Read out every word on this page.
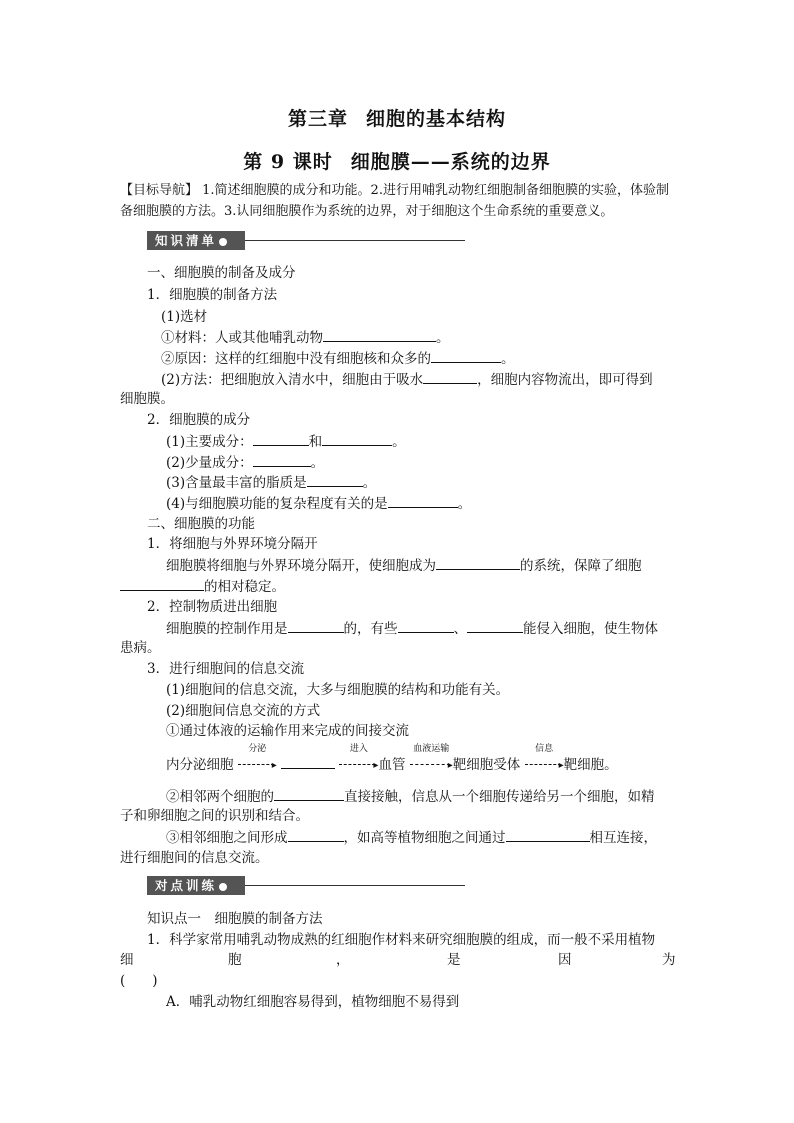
第三章 细胞的基本结构
第 9 课时 细胞膜——系统的边界
【目标导航】 1.简述细胞膜的成分和功能。2.进行用哺乳动物红细胞制备细胞膜的实验，体验制备细胞膜的方法。3.认同细胞膜作为系统的边界，对于细胞这个生命系统的重要意义。
知识清单
一、细胞膜的制备及成分
1．细胞膜的制备方法
(1)选材
①材料：人或其他哺乳动物	。
②原因：这样的红细胞中没有细胞核和众多的	。
(2)方法：把细胞放入清水中，细胞由于吸水	，细胞内容物流出，即可得到
细胞膜。
2．细胞膜的成分
(1)主要成分：	和	。
(2)少量成分：	。
(3)含量最丰富的脂质是	。
(4)与细胞膜功能的复杂程度有关的是	。
二、细胞膜的功能
1．将细胞与外界环境分隔开
细胞膜将细胞与外界环境分隔开，使细胞成为	的系统，保障了细胞
的相对稳定。
2．控制物质进出细胞
细胞膜的控制作用是	的，有些	、	能侵入细胞，使生物体
患病。
3．进行细胞间的信息交流
(1)细胞间的信息交流，大多与细胞膜的结构和功能有关。
(2)细胞间信息交流的方式
①通过体液的运输作用来完成的间接交流
内分泌细胞
分泌
▸
进入
▸血管
血液运输
▸靶细胞受体
信息
▸靶细胞。
②相邻两个细胞的	直接接触，信息从一个细胞传递给另一个细胞，如精
子和卵细胞之间的识别和结合。
③相邻细胞之间形成	，如高等植物细胞之间通过	相互连接，
进行细胞间的信息交流。
对点训练
知识点一　细胞膜的制备方法
1．科学家常用哺乳动物成熟的红细胞作材料来研究细胞膜的组成，而一般不采用植物
细	胞	，	是	因	为
(　　)
A．哺乳动物红细胞容易得到，植物细胞不易得到
